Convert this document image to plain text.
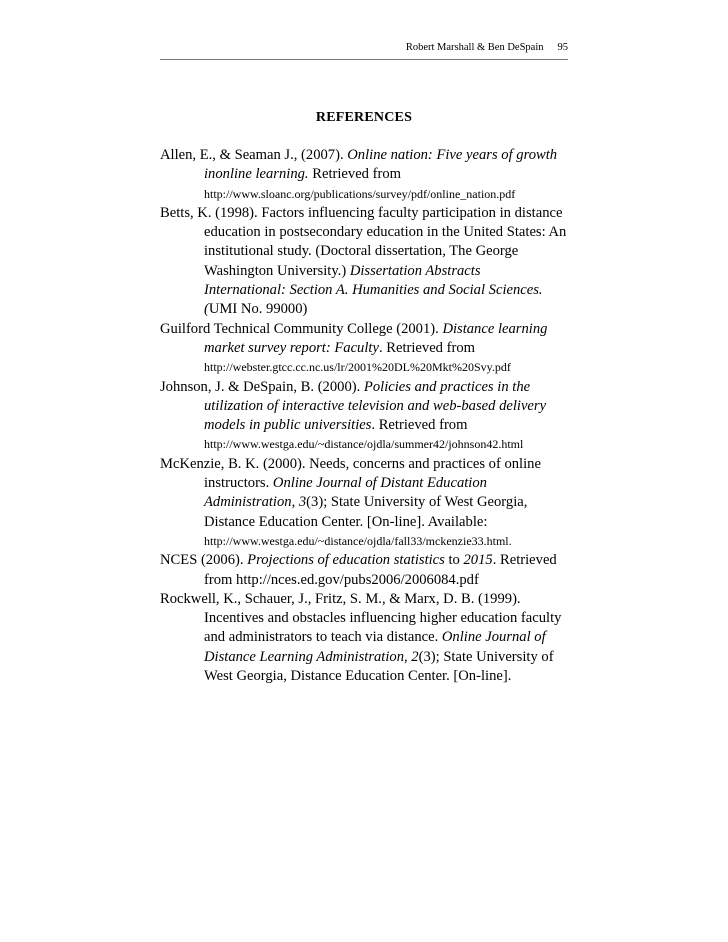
Robert Marshall & Ben DeSpain 95
REFERENCES
Allen, E., & Seaman J., (2007). Online nation: Five years of growth
inonline learning. Retrieved from
http://www.sloanc.org/publications/survey/pdf/online_nation.pdf
Betts, K. (1998). Factors influencing faculty participation in distance
education in postsecondary education in the United States: An
institutional study. (Doctoral dissertation, The George
Washington University.) Dissertation Abstracts
International: Section A. Humanities and Social Sciences.
(UMI No. 99000)
Guilford Technical Community College (2001). Distance learning
market survey report: Faculty. Retrieved from
http://webster.gtcc.cc.nc.us/lr/2001%20DL%20Mkt%20Svy.pdf
Johnson, J. & DeSpain, B. (2000). Policies and practices in the
utilization of interactive television and web-based delivery
models in public universities. Retrieved from
http://www.westga.edu/~distance/ojdla/summer42/johnson42.html
McKenzie, B. K. (2000). Needs, concerns and practices of online
instructors. Online Journal of Distant Education
Administration, 3(3); State University of West Georgia,
Distance Education Center. [On-line]. Available:
http://www.westga.edu/~distance/ojdla/fall33/mckenzie33.html.
NCES (2006). Projections of education statistics to 2015. Retrieved
from http://nces.ed.gov/pubs2006/2006084.pdf
Rockwell, K., Schauer, J., Fritz, S. M., & Marx, D. B. (1999).
Incentives and obstacles influencing higher education faculty
and administrators to teach via distance. Online Journal of
Distance Learning Administration, 2(3); State University of
West Georgia, Distance Education Center. [On-line].
